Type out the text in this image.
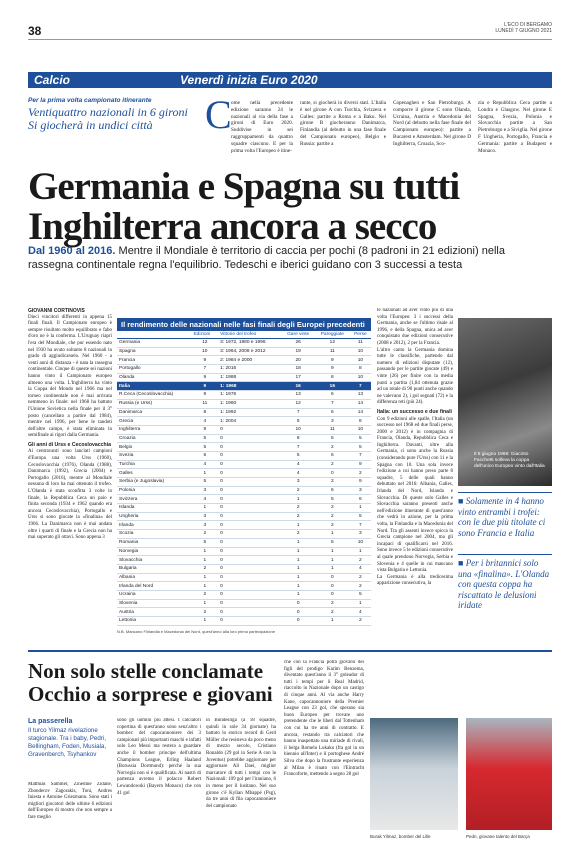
38	L'ECO DI BERGAMO
LUNEDÌ 7 GIUGNO 2021
Calcio	Venerdì inizia Euro 2020
Per la prima volta campionato itinerante
Ventiquattro nazionali in 6 gironi Si giocherà in undici città	C ome nella precedente edizione saranno 24 le nazionali al via della fase a gironi di Euro 2020. Suddivise in sei raggruppamenti da quattro squadre ciascuno. E per la prima volta l'Europeo è itine-
rante, si giocherà in diversi stati. L'Italia è nel girone A con Turchia, Svizzera e Galles: partite a Roma e a Baku. Nel girone B giocheranno Danimarca, Finlandia (al debutto in una fase finale del Campionato europeo), Belgio e Russia: partite a
Copenaghen e San Pietroburgo. A comporre il girone C sono Olanda, Ucraina, Austria e Macedonia del Nord (al debutto nella fase finale del Campionato europeo): partite a Bucarest e Amsterdam. Nel girone D Inghilterra, Croazia, Sco-
zia e Repubblica Ceca partite a Londra e Glasgow. Nel girone E Spagna, Svezia, Polonia e Slovacchia partite a San Pietroburgo e a Siviglia. Nel girone F Ungheria, Portogallo, Francia e Germania: partite a Budapest e Monaco.
Germania e Spagna su tutti Inghilterra ancora a secco
Dal 1960 al 2016. Mentre il Mondiale è territorio di caccia per pochi (8 padroni in 21 edizioni) nella rassegna continentale regna l'equilibrio. Tedeschi e iberici guidano con 3 successi a testa
GIOVANNI CORTINOVIS

Dieci vincitori differenti in appena 15 finali finali. Il Campionato europeo è sempre risultato molto equilibrato e fabo d'oro ne è la conferma. L'Uruguay riaprì l'era del Mondiale, che pur essendo nato nel 1930 ha avuto soltanto 8 nazionali in grado di aggiudicarselo. Nel 1960 - a venti anni di distanza - è nata la rassegna continentale. Cinque di queste sei nazioni hanno vinto il Campionato europeo almeno una volta. L'Inghilterra ha vinto la Coppa del Mondo nel 1966 ma nel torneo continentale non è mai arrivata nemmeno in finale: nel 1968 ha battuto l'Unione Sovietica nella finale per il 3° posto (cancellato a partire dal 1984), mentre nel 1996, per bene le tandoti dell'altre campo, è stata eliminata in semifinale ai rigori dalla Germania.

Gli anni di Urss e Cecoslovacchia

Ai centravanti sono lanciati campioni d'Europa una volta Urss (1960), Cecoslovacchia (1976), Olanda (1988), Danimarca (1992), Grecia (2004) e Portogallo (2016), mentre al Mondiale nessuna di loro ha mai ottenuto il trofeo. L'Olanda è stata sconfitta 3 volte in finale, la Repubblica Ceca un paio e finita seconda (1934 e 1962 quando era ancora Cecoslovacchia), Portogallo e Urss si sono giocate la «finalina» del 1966. La Danimarca non è mai andata oltre i quarti di finale e la Grecia non ha mai superato gli ottavi. Sono appena 3

Il rendimento delle nazionali nelle fasi finali degli Europei precedenti
	Edizioni	Vittorie del trofeo	Gare vinte	Pareggiate	Perse
Germania	12	3: 1972, 1980 e 1996	26	12	11
Spagna	10	3: 1964, 2008 e 2012	19	11	10
Francia	9	2: 1984 e 2000	20	9	10
Portogallo	7	1: 2016	18	9	8
Olanda	9	1: 1988	17	8	10
Italia	9	1: 1968	16	16	7
R.Ceca (Cecoslovacchia)	9	1: 1976	13	6	13
Russia (e Urss)	11	1: 1960	12	7	14
Danimarca	8	1: 1992	7	6	14
Grecia	4	1: 2004	5	3	8
Inghilterra	9	0	10	11	10
Croazia	5	0	8	5	5
Belgio	5	0	7	2	5
Svezia	6	0	5	6	7
Turchia	4	0	4	2	9
Galles	1	0	4	0	2
Serbia (e Jugoslavia)	5	0	3	2	9
Polonia	3	0	2	6	3
Svizzera	4	0	1	5	6
Islanda	1	0	2	2	1
Ungheria	3	0	2	2	5
Irlanda	3	0	1	2	7
Scozia	2	0	2	1	3
Romania	5	0	1	5	10
Norvegia	1	0	1	1	1
Slovacchia	1	0	1	1	2
Bulgaria	2	0	1	1	4
Albania	1	0	1	0	2
Irlanda del Nord	1	0	1	0	2
Ucraina	2	0	1	0	5
Slovenia	1	0	0	2	1
Austria	2	0	0	2	4
Lettonia	1	0	0	1	2
N.B. Mancano Finlandia e Macedonia del Nord, quest'anno alla loro prima partecipazione

le nazionali ad aver vinto più di una volta l'Europeo: 3 i successi della Germania, anche se l'ultimo risale al 1996, e della Spagna, unica ad aver conquistato due edizioni consecutive (2008 e 2012), 2 per la Francia.

L'altro canto la Germania domina tutte le classifiche, partendo dal numero di edizioni disputate (12), passando per le partite giocate (49) e vinte (26) per finire con la media punti a partita (1,84 ottenuta grazie ad un totale di 90 punti anche quando ne valevano 2), i gol segnati (72) e la differenza reti (più 24).

Italia: un successo e due finali

Con 9 edizioni alle spalle, l'Italia (un successo nel 1968 ed due finali perse, 2000 e 2012) è in compagnia di Francia, Olanda, Repubblica Ceca e Inghilterra. Davanti, oltre alla Germania, ci sono anche la Russia (considerando pure l'Urss) con 11 e la Spagna con 10. Una sola invece l'edizione a cui hanno preso parte 8 squadre, 5 delle quali hanno debuttato nel 2016: Albania, Galles, Irlanda del Nord, Islanda e Slovacchia. Di queste solo Galles e Slovacchia saranno presenti anche nell'edizione itinerante di quest'anno che vedrà in azione, per la prima volta, la Finlandia e la Macedonia del Nord. Tra gli assenti invece spicca la Grecia campione nel 2004, ma gli incapaci di qualificarsi nel 2016. Sono invece 5 le edizioni consecutive al quale prendono Norvegia, Serbia e Slovenia e 4 quelle in cui mancano vista Bulgaria e Lettonia.

La Germania è alla tredicesima apparizione consecutiva, la

Il 5 giugno 1968: Giacinto Facchetti solleva la coppa dell'unico Europeo vinto dall'Italia
■ Solamente in 4 hanno vinto entrambi i trofei: con le due più titolate ci sono Francia e Italia
■ Per i britannici solo una «finalina». L'Olanda con questa coppa ha riscattato le delusioni iridate
Non solo stelle conclamate Occhio a sorprese e giovani
La passerella
Il turco Yilmaz rivelazione stagionale. Tra i baby, Pedri, Bellingham, Foden, Musiala, Gravenberch, Tsyhankov
Matthias Sammer, Zinedine Zidane, Zbonderov Zagorakis, Toni, Andres Iniesta e Antoine Griezmann. Sono stati i migliori giocatori delle ultime 6 edizioni dell'Europeo di mostro che non sempre a fare meglio
sono gli uomini più attesi. I calciatori copertina di quest'anno sono senz'altro i bomber: del capocannoniere dei 3 campionati più importanti maschi e infatti solo Leo Messi ma restera a guardare anche il bomber principe dell'ultima Champions League, Erling Haaland (Borussia Dortmund): perché la sua Norvegia non si è qualificata. Ai nastri di partenza avremo il polacco Robert Lewandowski (Bayern Monaco) che con 41 gol
in Bundesliga (a 18 squadre, quindi in sole 34 giornate) ha battuto lo storico record di Gerd Müller che resisteva da poco meno di mezzo secolo, Cristiano Ronaldo (29 gol in Serie A con la Juventus) potrebbe aggiornare per aggiornare Ali Daei, miglior marcatore di tutti i tempi con le Nazionali: 109 gol per l'iraniano, 6 in meno per il lusitano. Nel suo girone c'è Kylian Mbappé (Psg), da tre anni di fila capocannoniere del campionato
che con la Francia potrà giovarsi dei figli del prodigo Karim Benzema, diventato quest'anno il 3° goleador di tutti i tempi per il Real Madrid, riaccolto in Nazionale dopo un castigo di cinque anni. Al via anche Harry Kane, capocannoniere della Premier League con 23 gol, che sperano sia buon Europeo per trovare uno pretendente che le liberi dal Tottenham con cui ha tre anni di contratto. E ancora, restando tra calciatori che hanno inaspettato una miriade di rivali, il belga Romelu Lukaku (fra gol in un biennio all'Inter) e il portoghese André Silva che dopo la frustrante esperienza al Milan è rinato con l'Eintracht Francoforte, mettendo a segno 28 gol
Burak Yilmaz, bomber del Lille	Pedri, giovane talento del Barça
